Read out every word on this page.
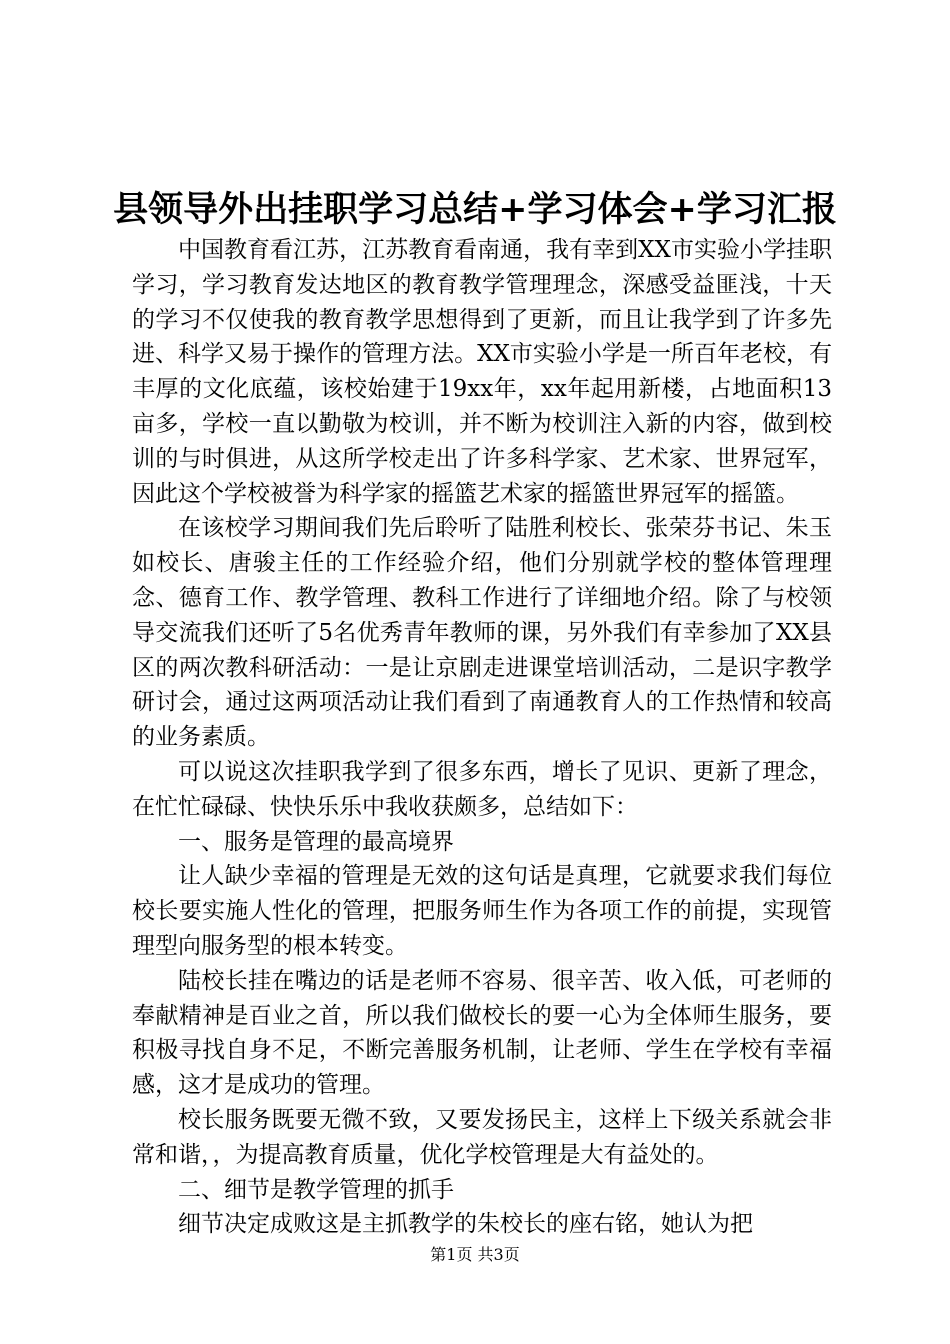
县领导外出挂职学习总结+学习体会+学习汇报

中国教育看江苏，江苏教育看南通，我有幸到XX市实验小学挂职学习，学习教育发达地区的教育教学管理理念，深感受益匪浅，十天的学习不仅使我的教育教学思想得到了更新，而且让我学到了许多先进、科学又易于操作的管理方法。XX市实验小学是一所百年老校，有丰厚的文化底蕴，该校始建于19xx年，xx年起用新楼，占地面积13亩多，学校一直以勤敬为校训，并不断为校训注入新的内容，做到校训的与时俱进，从这所学校走出了许多科学家、艺术家、世界冠军，因此这个学校被誉为科学家的摇篮艺术家的摇篮世界冠军的摇篮。

在该校学习期间我们先后聆听了陆胜利校长、张荣芬书记、朱玉如校长、唐骏主任的工作经验介绍，他们分别就学校的整体管理理念、德育工作、教学管理、教科工作进行了详细地介绍。除了与校领导交流我们还听了5名优秀青年教师的课，另外我们有幸参加了XX县区的两次教科研活动：一是让京剧走进课堂培训活动，二是识字教学研讨会，通过这两项活动让我们看到了南通教育人的工作热情和较高的业务素质。

可以说这次挂职我学到了很多东西，增长了见识、更新了理念，在忙忙碌碌、快快乐乐中我收获颇多，总结如下：

一、服务是管理的最高境界

让人缺少幸福的管理是无效的这句话是真理，它就要求我们每位校长要实施人性化的管理，把服务师生作为各项工作的前提，实现管理型向服务型的根本转变。

陆校长挂在嘴边的话是老师不容易、很辛苦、收入低，可老师的奉献精神是百业之首，所以我们做校长的要一心为全体师生服务，要积极寻找自身不足，不断完善服务机制，让老师、学生在学校有幸福感，这才是成功的管理。

校长服务既要无微不致，又要发扬民主，这样上下级关系就会非常和谐，，为提高教育质量，优化学校管理是大有益处的。

二、细节是教学管理的抓手

细节决定成败这是主抓教学的朱校长的座右铭，她认为把

第1页 共3页
